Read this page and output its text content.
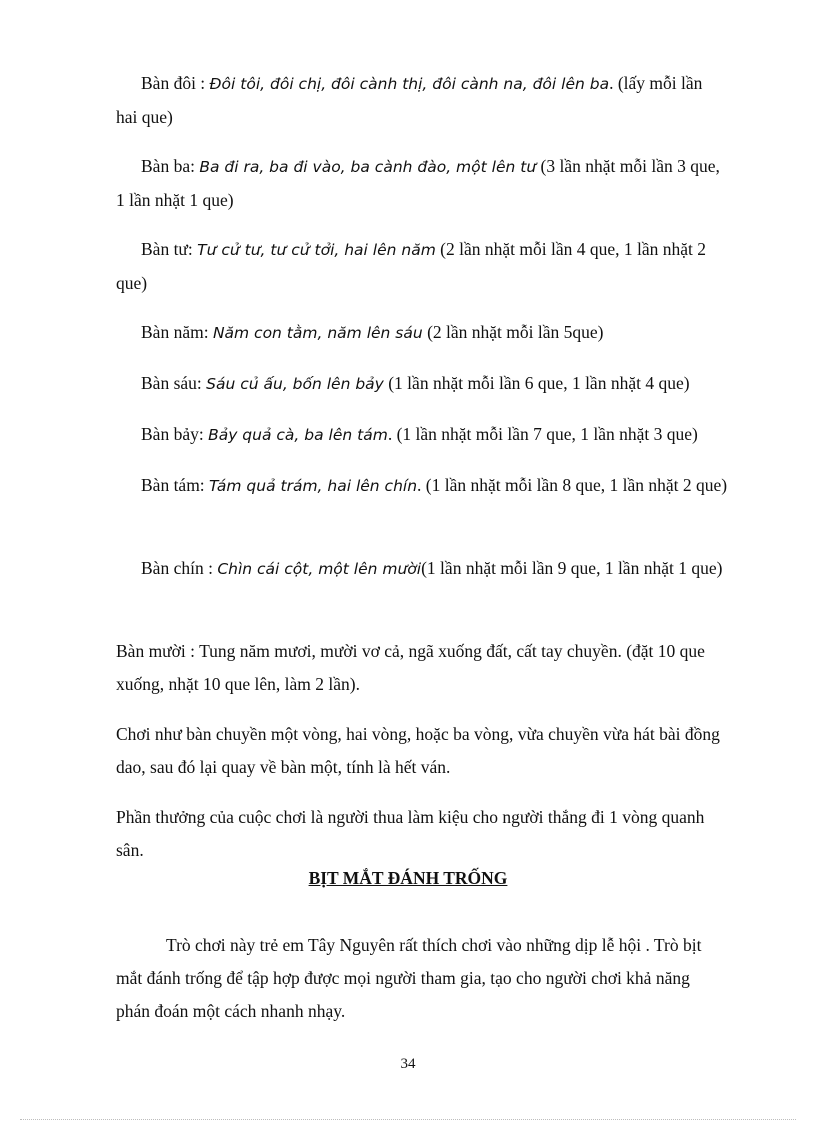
Bàn đôi : Đôi tôi, đôi chị, đôi cành thị, đôi cành na, đôi lên ba. (lấy mỗi lần hai que)

Bàn ba: Ba đi ra, ba đi vào, ba cành đào, một lên tư (3 lần nhặt mỗi lần 3 que, 1 lần nhặt 1 que)

Bàn tư: Tư cử tư, tư cử tởi, hai lên năm (2 lần nhặt mỗi lần 4 que, 1 lần nhặt 2 que)

Bàn năm: Năm con tằm, năm lên sáu (2 lần nhặt mỗi lần 5que)

Bàn sáu: Sáu củ ấu, bốn lên bảy (1 lần nhặt mỗi lần 6 que, 1 lần nhặt 4 que)

Bàn bảy: Bảy quả cà, ba lên tám. (1 lần nhặt mỗi lần 7 que, 1 lần nhặt 3 que)

Bàn tám: Tám quả trám, hai lên chín. (1 lần nhặt mỗi lần 8 que, 1 lần nhặt 2 que)

Bàn chín : Chìn cái cột, một lên mười(1 lần nhặt mỗi lần 9 que, 1 lần nhặt 1 que)

Bàn mười : Tung năm mươi, mười vơ cả, ngã xuống đất, cất tay chuyền. (đặt 10 que xuống, nhặt 10 que lên, làm 2 lần).

Chơi như bàn chuyền một vòng, hai vòng, hoặc ba vòng, vừa chuyền vừa hát bài đồng dao, sau đó lại quay về bàn một, tính là hết ván.

Phần thưởng của cuộc chơi là người thua làm kiệu cho người thắng đi 1 vòng quanh sân.

BỊT MẮT ĐÁNH TRỐNG

Trò chơi này trẻ em Tây Nguyên rất thích chơi vào những dịp lễ hội . Trò bịt mắt đánh trống để tập hợp được mọi người tham gia, tạo cho người chơi khả năng phán đoán một cách nhanh nhạy.

34
